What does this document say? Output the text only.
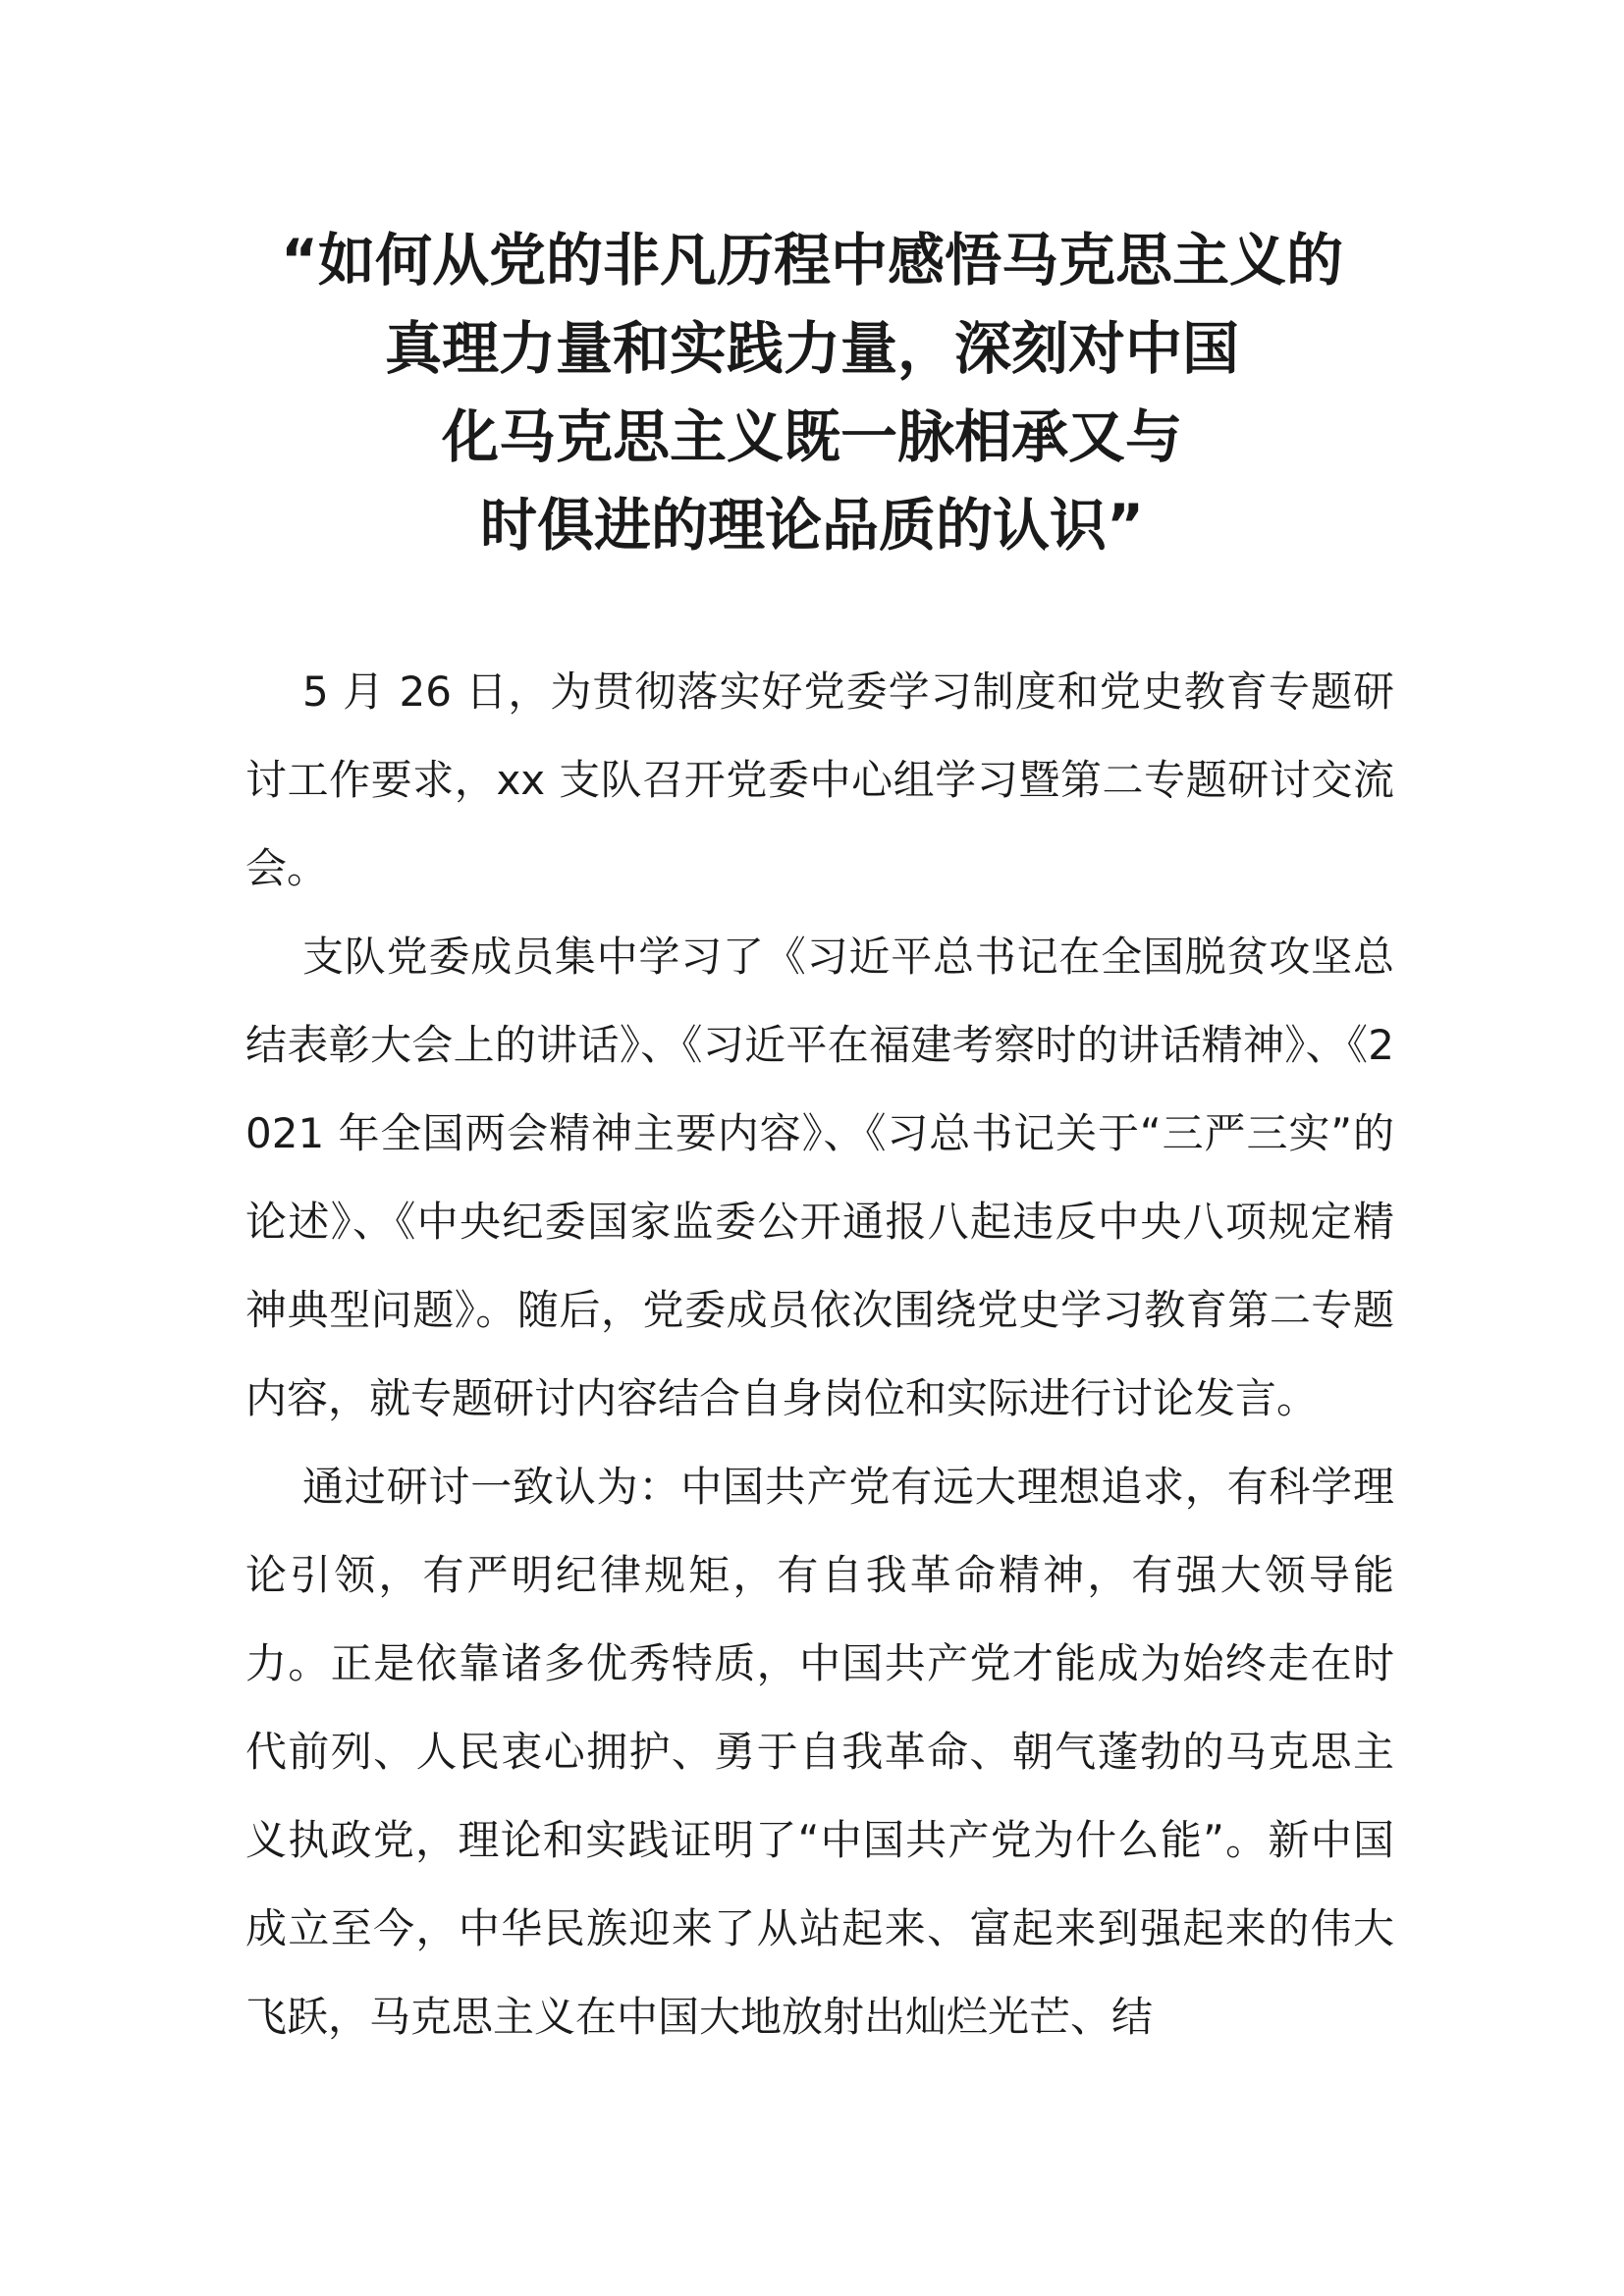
“如何从党的非凡历程中感悟马克思主义的
真理力量和实践力量，深刻对中国
化马克思主义既一脉相承又与
时俱进的理论品质的认识”

5 月 26 日，为贯彻落实好党委学习制度和党史教育专题研讨工作要求，xx 支队召开党委中心组学习暨第二专题研讨交流会。

支队党委成员集中学习了《习近平总书记在全国脱贫攻坚总结表彰大会上的讲话》、《习近平在福建考察时的讲话精神》、《2021 年全国两会精神主要内容》、《习总书记关于“三严三实”的论述》、《中央纪委国家监委公开通报八起违反中央八项规定精神典型问题》。随后，党委成员依次围绕党史学习教育第二专题内容，就专题研讨内容结合自身岗位和实际进行讨论发言。

通过研讨一致认为：中国共产党有远大理想追求，有科学理论引领，有严明纪律规矩，有自我革命精神，有强大领导能力。正是依靠诸多优秀特质，中国共产党才能成为始终走在时代前列、人民衷心拥护、勇于自我革命、朝气蓬勃的马克思主义执政党，理论和实践证明了“中国共产党为什么能”。新中国成立至今，中华民族迎来了从站起来、富起来到强起来的伟大飞跃，马克思主义在中国大地放射出灿烂光芒、结
